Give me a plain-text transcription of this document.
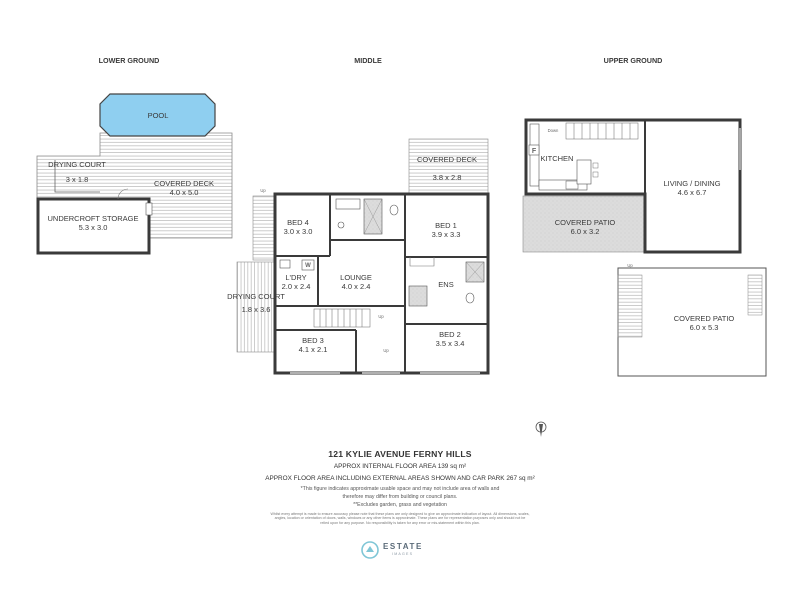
LOWER GROUND	MIDDLE	UPPER GROUND
POOL
DRYING COURT
3 x 1.8	COVERED DECK
4.0 x 5.0
UNDERCROFT STORAGE
5.3 x 3.0
COVERED DECK
3.8 x 2.8
W
Up
Up
Up
BED 4
3.0 x 3.0
BED 1
3.9 x 3.3
L'DRY
2.0 x 2.4
LOUNGE
4.0 x 2.4	ENS
DRYING COURT
1.8 x 3.6
BED 3
4.1 x 2.1
BED 2
3.5 x 3.4
COVERED PATIO
6.0 x 3.2
Down
F
KITCHEN
LIVING / DINING
4.6 x 6.7
Up
COVERED PATIO
6.0 x 5.3
121 KYLIE AVENUE FERNY HILLS
APPROX INTERNAL FLOOR AREA 139 sq m²
APPROX FLOOR AREA INCLUDING EXTERNAL AREAS SHOWN AND CAR PARK 267 sq m²
*This figure indicates approximate usable space and may not include area of walls and
therefore may differ from building or council plans.
**Excludes garden, grass and vegetation
Whilst every attempt is made to ensure accuracy please note that these plans are only designed to give an approximate indication of layout. All dimensions, scales, angles, location or orientation of doors, walls, windows or any other items is approximate. These plans are for representation purposes only and should not be relied upon for any purpose. No responsibility is taken for any error or mis-statement within this plan.
ESTATE
IMAGES
